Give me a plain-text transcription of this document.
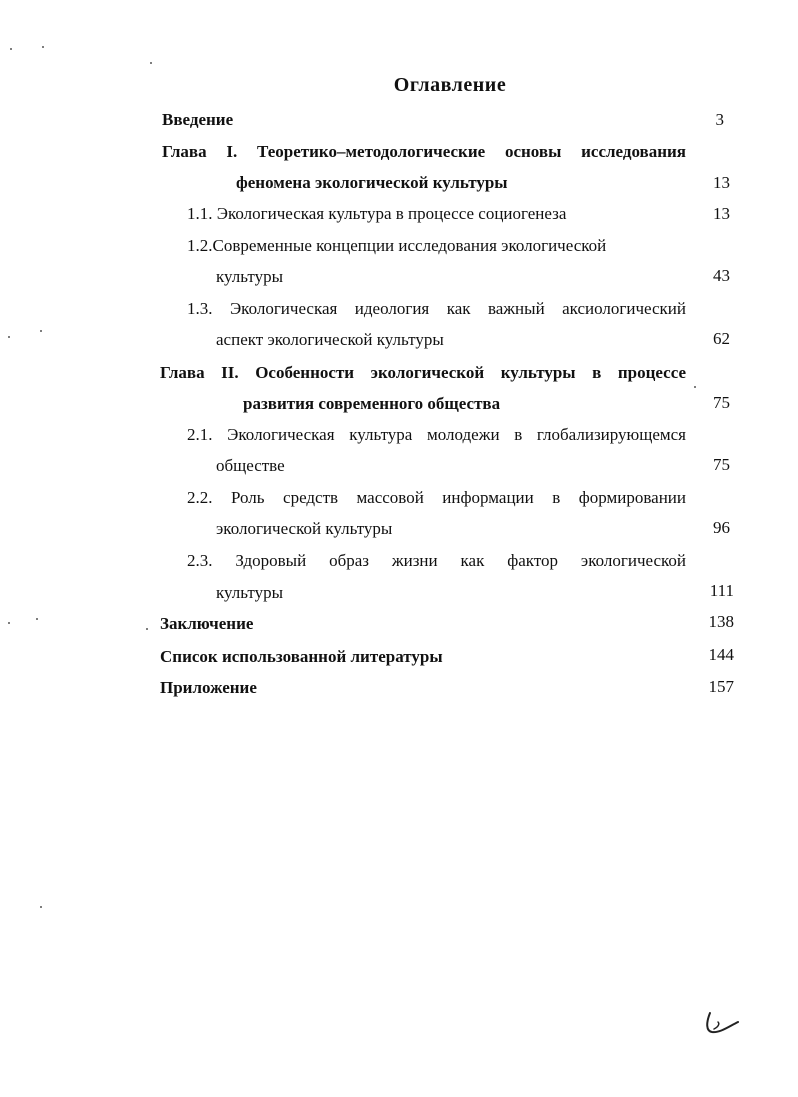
Оглавление
Введение	3
Глава I. Теоретико–методологические основы исследования
феномена экологической культуры	13
1.1. Экологическая культура в процессе социогенеза	13
1.2.Современные концепции исследования экологической
культуры	43
1.3. Экологическая идеология как важный аксиологический
аспект экологической культуры	62
Глава II. Особенности экологической культуры в процессе
развития современного общества	75
2.1. Экологическая культура молодежи в глобализирующемся
обществе	75
2.2. Роль средств массовой информации в формировании
экологической культуры	96
2.3. Здоровый образ жизни как фактор экологической
культуры	111
Заключение	138
Список использованной литературы	144
Приложение	157
